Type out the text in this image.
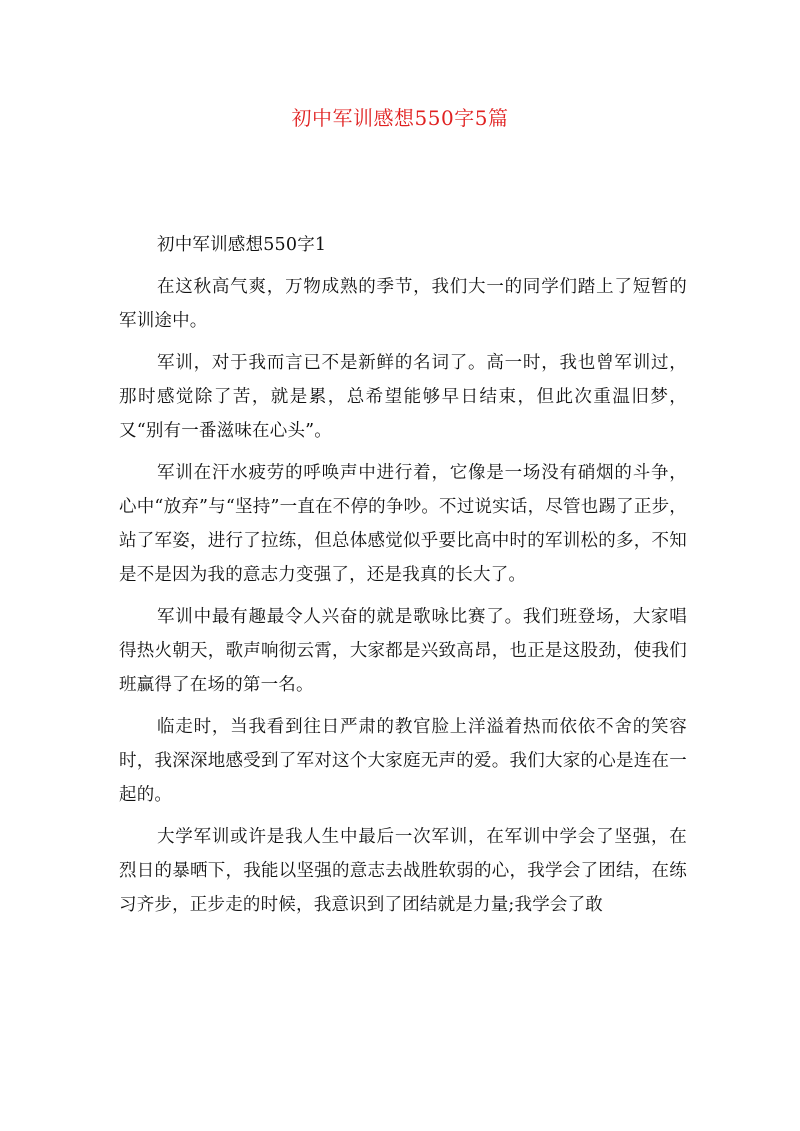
初中军训感想550字5篇

初中军训感想550字1

在这秋高气爽，万物成熟的季节，我们大一的同学们踏上了短暂的军训途中。

军训，对于我而言已不是新鲜的名词了。高一时，我也曾军训过，那时感觉除了苦，就是累，总希望能够早日结束，但此次重温旧梦，又“别有一番滋味在心头”。

军训在汗水疲劳的呼唤声中进行着，它像是一场没有硝烟的斗争，心中“放弃”与“坚持”一直在不停的争吵。不过说实话，尽管也踢了正步，站了军姿，进行了拉练，但总体感觉似乎要比高中时的军训松的多，不知是不是因为我的意志力变强了，还是我真的长大了。

军训中最有趣最令人兴奋的就是歌咏比赛了。我们班登场，大家唱得热火朝天，歌声响彻云霄，大家都是兴致高昂，也正是这股劲，使我们班赢得了在场的第一名。

临走时，当我看到往日严肃的教官脸上洋溢着热而依依不舍的笑容时，我深深地感受到了军对这个大家庭无声的爱。我们大家的心是连在一起的。

大学军训或许是我人生中最后一次军训，在军训中学会了坚强，在烈日的暴晒下，我能以坚强的意志去战胜软弱的心，我学会了团结，在练习齐步，正步走的时候，我意识到了团结就是力量;我学会了敢
